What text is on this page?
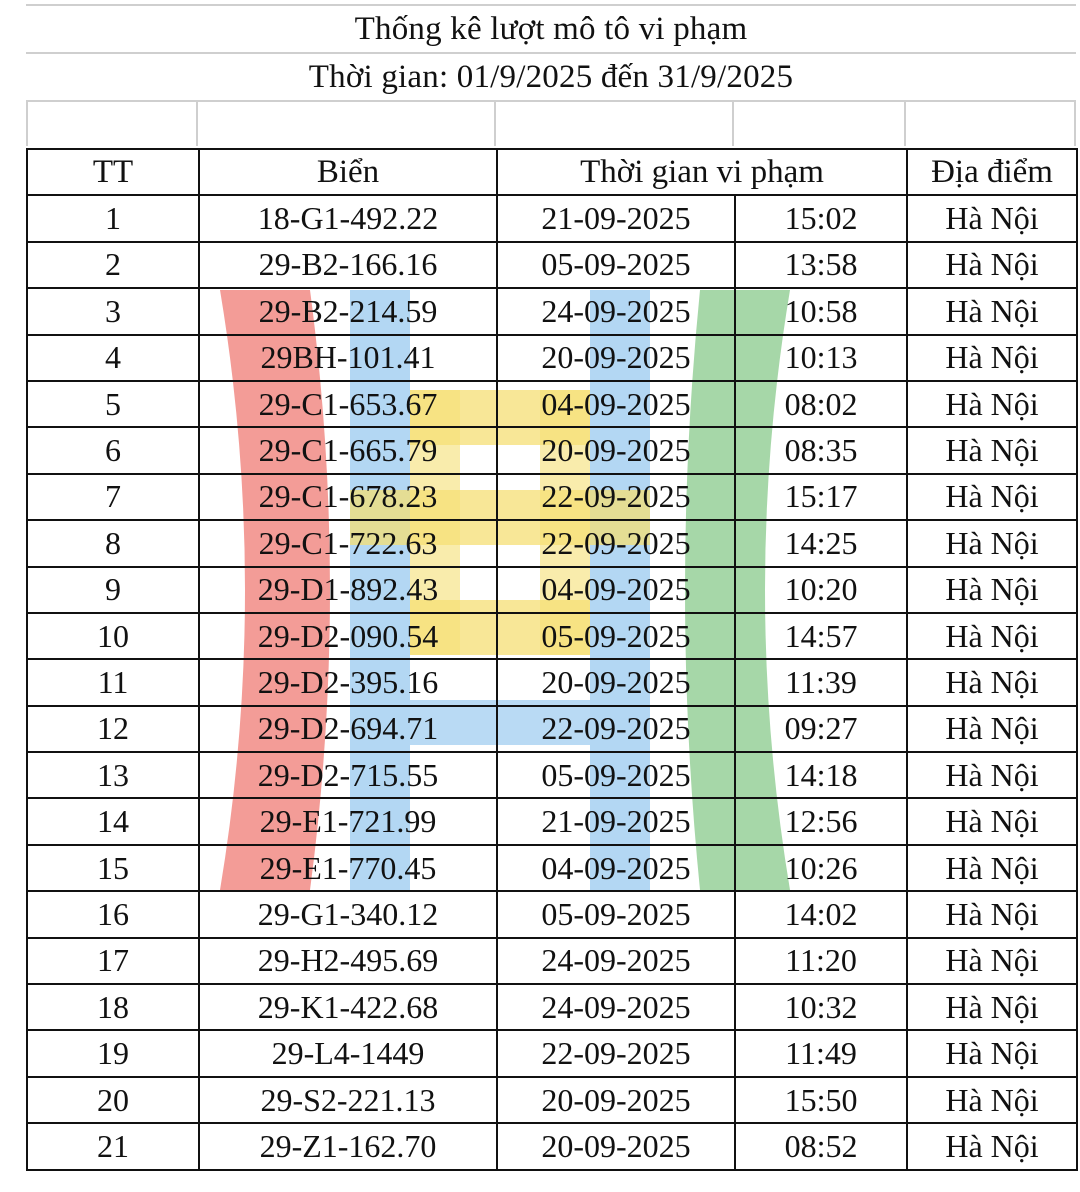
Thống kê lượt mô tô vi phạm
Thời gian: 01/9/2025 đến 31/9/2025
TT	Biển	Thời gian vi phạm		Địa điểm
1	18-G1-492.22	21-09-2025	15:02	Hà Nội
2	29-B2-166.16	05-09-2025	13:58	Hà Nội
3	29-B2-214.59	24-09-2025	10:58	Hà Nội
4	29BH-101.41	20-09-2025	10:13	Hà Nội
5	29-C1-653.67	04-09-2025	08:02	Hà Nội
6	29-C1-665.79	20-09-2025	08:35	Hà Nội
7	29-C1-678.23	22-09-2025	15:17	Hà Nội
8	29-C1-722.63	22-09-2025	14:25	Hà Nội
9	29-D1-892.43	04-09-2025	10:20	Hà Nội
10	29-D2-090.54	05-09-2025	14:57	Hà Nội
11	29-D2-395.16	20-09-2025	11:39	Hà Nội
12	29-D2-694.71	22-09-2025	09:27	Hà Nội
13	29-D2-715.55	05-09-2025	14:18	Hà Nội
14	29-E1-721.99	21-09-2025	12:56	Hà Nội
15	29-E1-770.45	04-09-2025	10:26	Hà Nội
16	29-G1-340.12	05-09-2025	14:02	Hà Nội
17	29-H2-495.69	24-09-2025	11:20	Hà Nội
18	29-K1-422.68	24-09-2025	10:32	Hà Nội
19	29-L4-1449	22-09-2025	11:49	Hà Nội
20	29-S2-221.13	20-09-2025	15:50	Hà Nội
21	29-Z1-162.70	20-09-2025	08:52	Hà Nội
